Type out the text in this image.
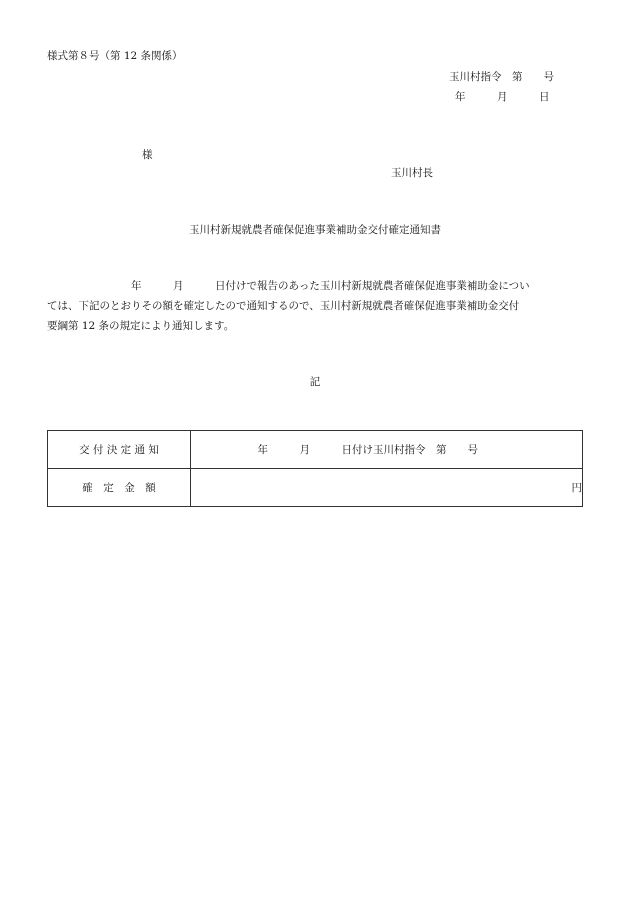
様式第８号（第 12 条関係）
玉川村指令　第　　号
年　　　月　　　日
様
玉川村長
玉川村新規就農者確保促進事業補助金交付確定通知書
　　　　　　　　年　　　月　　　日付けで報告のあった玉川村新規就農者確保促進事業補助金につい
ては、下記のとおりその額を確定したので通知するので、玉川村新規就農者確保促進事業補助金交付
要綱第 12 条の規定により通知します。
記
交 付 決 定 通 知	　　　　　年　　　月　　　日付け玉川村指令　第　　号
確　定　金　額	円
